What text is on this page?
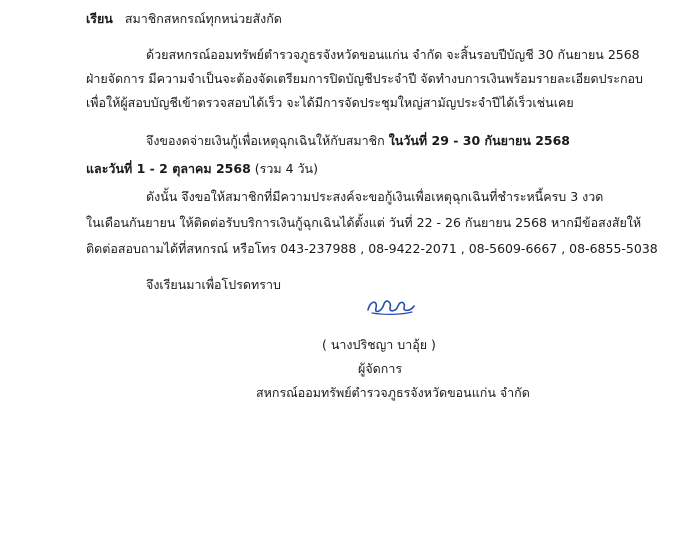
เรียน สมาชิกสหกรณ์ทุกหน่วยสังกัด
ด้วยสหกรณ์ออมทรัพย์ตำรวจภูธรจังหวัดขอนแก่น จำกัด จะสิ้นรอบปีบัญชี 30 กันยายน 2568
ฝ่ายจัดการ มีความจำเป็นจะต้องจัดเตรียมการปิดบัญชีประจำปี จัดทำงบการเงินพร้อมรายละเอียดประกอบ
เพื่อให้ผู้สอบบัญชีเข้าตรวจสอบได้เร็ว จะได้มีการจัดประชุมใหญ่สามัญประจำปีได้เร็วเช่นเคย
จึงของดจ่ายเงินกู้เพื่อเหตุฉุกเฉินให้กับสมาชิก ในวันที่ 29 - 30 กันยายน 2568
และวันที่ 1 - 2 ตุลาคม 2568 (รวม 4 วัน)
ดังนั้น จึงขอให้สมาชิกที่มีความประสงค์จะขอกู้เงินเพื่อเหตุฉุกเฉินที่ชำระหนี้ครบ 3 งวด
ในเดือนกันยายน ให้ติดต่อรับบริการเงินกู้ฉุกเฉินได้ตั้งแต่ วันที่ 22 - 26 กันยายน 2568 หากมีข้อสงสัยให้
ติดต่อสอบถามได้ที่สหกรณ์ หรือโทร 043-237988 , 08-9422-2071 , 08-5609-6667 , 08-6855-5038
จึงเรียนมาเพื่อโปรดทราบ
( นางปริชญา บาอุ้ย )
ผู้จัดการ
สหกรณ์ออมทรัพย์ตำรวจภูธรจังหวัดขอนแก่น จำกัด
